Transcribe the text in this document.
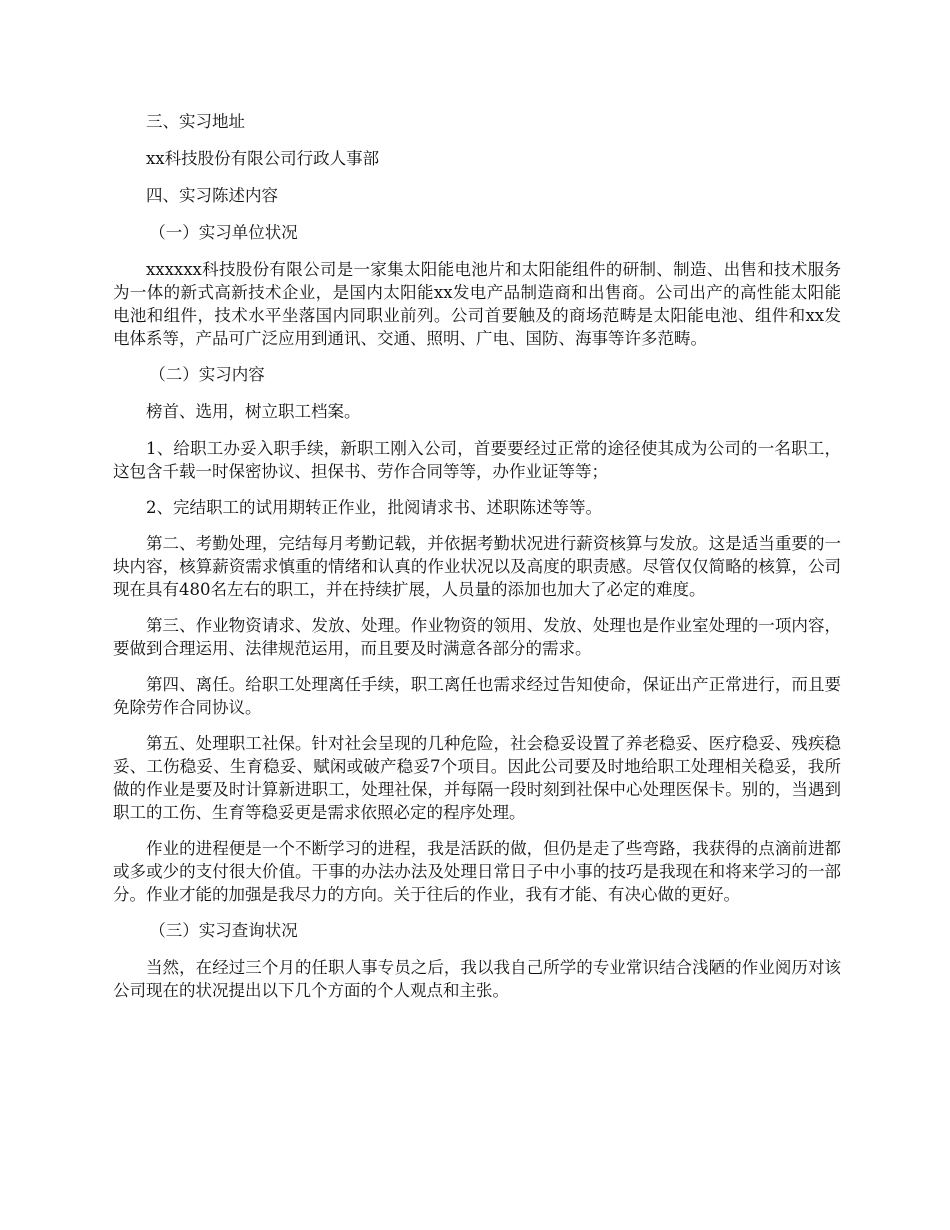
三、实习地址

xx科技股份有限公司行政人事部

四、实习陈述内容

（一）实习单位状况

xxxxxx科技股份有限公司是一家集太阳能电池片和太阳能组件的研制、制造、出售和技术服务为一体的新式高新技术企业，是国内太阳能xx发电产品制造商和出售商。公司出产的高性能太阳能电池和组件，技术水平坐落国内同职业前列。公司首要触及的商场范畴是太阳能电池、组件和xx发电体系等，产品可广泛应用到通讯、交通、照明、广电、国防、海事等许多范畴。

（二）实习内容

榜首、选用，树立职工档案。

1、给职工办妥入职手续，新职工刚入公司，首要要经过正常的途径使其成为公司的一名职工，这包含千载一时保密协议、担保书、劳作合同等等，办作业证等等；

2、完结职工的试用期转正作业，批阅请求书、述职陈述等等。

第二、考勤处理，完结每月考勤记载，并依据考勤状况进行薪资核算与发放。这是适当重要的一块内容，核算薪资需求慎重的情绪和认真的作业状况以及高度的职责感。尽管仅仅简略的核算，公司现在具有480名左右的职工，并在持续扩展，人员量的添加也加大了必定的难度。

第三、作业物资请求、发放、处理。作业物资的领用、发放、处理也是作业室处理的一项内容，要做到合理运用、法律规范运用，而且要及时满意各部分的需求。

第四、离任。给职工处理离任手续，职工离任也需求经过告知使命，保证出产正常进行，而且要免除劳作合同协议。

第五、处理职工社保。针对社会呈现的几种危险，社会稳妥设置了养老稳妥、医疗稳妥、残疾稳妥、工伤稳妥、生育稳妥、赋闲或破产稳妥7个项目。因此公司要及时地给职工处理相关稳妥，我所做的作业是要及时计算新进职工，处理社保，并每隔一段时刻到社保中心处理医保卡。别的，当遇到职工的工伤、生育等稳妥更是需求依照必定的程序处理。

作业的进程便是一个不断学习的进程，我是活跃的做，但仍是走了些弯路，我获得的点滴前进都或多或少的支付很大价值。干事的办法办法及处理日常日子中小事的技巧是我现在和将来学习的一部分。作业才能的加强是我尽力的方向。关于往后的作业，我有才能、有决心做的更好。

（三）实习查询状况

当然，在经过三个月的任职人事专员之后，我以我自己所学的专业常识结合浅陋的作业阅历对该公司现在的状况提出以下几个方面的个人观点和主张。
